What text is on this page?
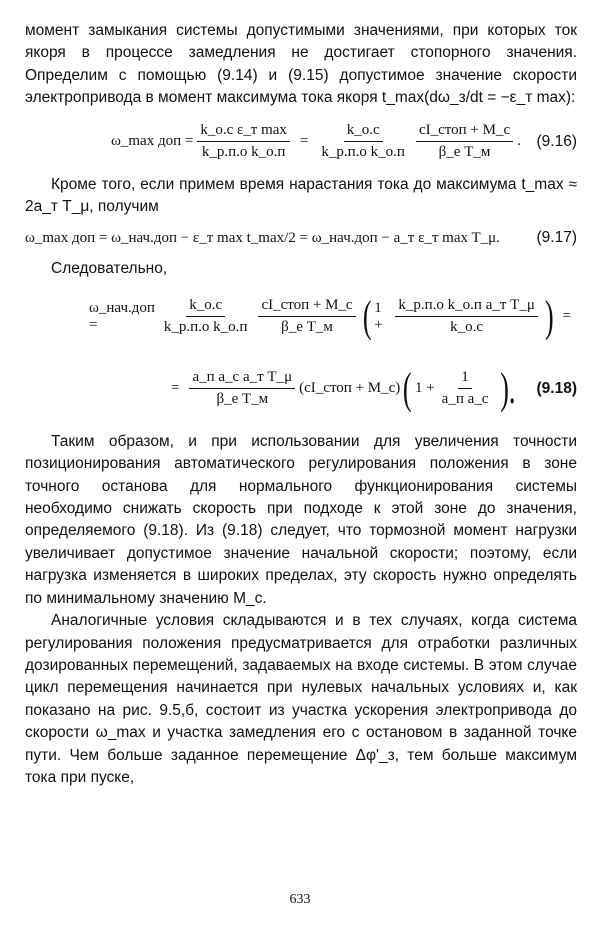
момент замыкания системы допустимыми значениями, при которых ток якоря в процессе замедления не достигает стопорного значения. Определим с помощью (9.14) и (9.15) допустимое значение скорости электропривода в момент максимума тока якоря t_max(dω_з/dt = −ε_т max):

ω_max доп = $\frac{\text{k\_о.с ε\_т max}}{\text{k\_р.п.о k\_о.п}} = \frac{k\_о.с}{\text{k\_р.п.о k\_о.п}} \frac{\text{cI\_стоп + M\_с}}{\text{β\_е T\_м}}$ . (9.16)

Кроме того, если примем время нарастания тока до максимума t_max ≈ 2a_т T_μ, получим

ω_max доп = ω_нач.доп − ε_т max t_max/2 = ω_нач.доп − a_т ε_т max T_μ. (9.17)

Следовательно,

ω_нач.доп =	$\frac{k\_о.с}{\text{k\_р.п.о k\_о.п}} \frac{\text{cI\_стоп + M\_с}}{\text{β\_е T\_м}}$ ( $1 + \frac{\text{k\_р.п.о k\_о.п a\_т T\_μ}}{k\_о.с}$ ) =
= $\frac{\text{a\_п a\_с a\_т T\_μ}}{\text{β\_е T\_м}}$ (cI_стоп + M_с) ( $1 + \frac{1}{\text{a\_п a\_с}}$ ). (9.18)

Таким образом, и при использовании для увеличения точности позиционирования автоматического регулирования положения в зоне точного останова для нормального функционирования системы необходимо снижать скорость при подходе к этой зоне до значения, определяемого (9.18). Из (9.18) следует, что тормозной момент нагрузки увеличивает допустимое значение начальной скорости; поэтому, если нагрузка изменяется в широких пределах, эту скорость нужно определять по минимальному значению M_с.

Аналогичные условия складываются и в тех случаях, когда система регулирования положения предусматривается для отработки различных дозированных перемещений, задаваемых на входе системы. В этом случае цикл перемещения начинается при нулевых начальных условиях и, как показано на рис. 9.5,б, состоит из участка ускорения электропривода до скорости ω_max и участка замедления его с остановом в заданной точке пути. Чем больше заданное перемещение Δφ'_з, тем больше максимум тока при пуске,

633
